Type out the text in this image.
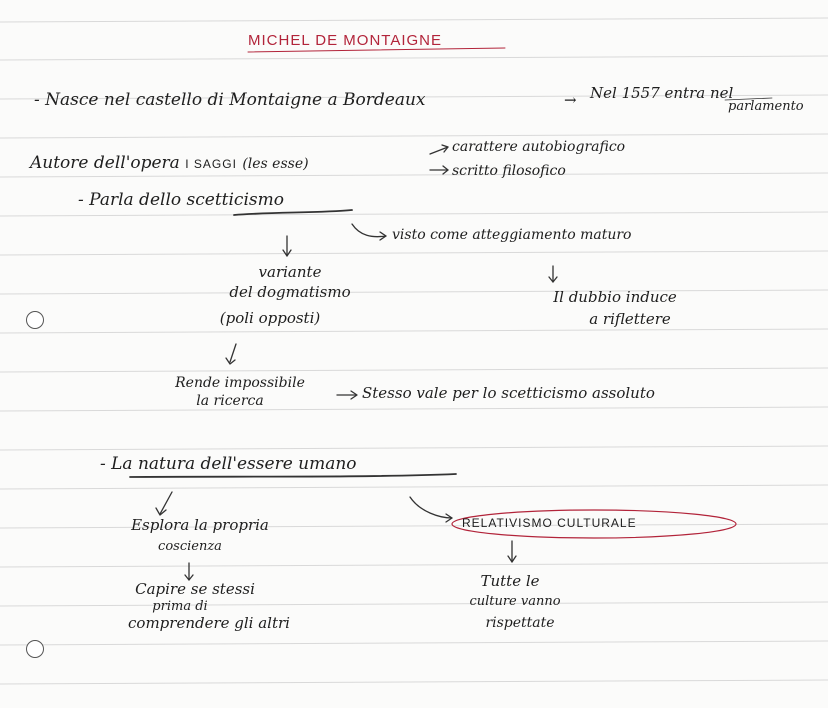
MICHEL DE MONTAIGNE
- Nasce nel castello di Montaigne a Bordeaux	→ Nel 1557 entra nel
parlamento
Autore dell'opera I SAGGI (les esse)
carattere autobiografico
scritto filosofico
- Parla dello scetticismo
visto come atteggiamento maturo
variante
del dogmatismo
(poli opposti)
Il dubbio induce
a riflettere
Rende impossibile
la ricerca	Stesso vale per lo scetticismo assoluto
- La natura dell'essere umano
Esplora la propria
coscienza
Capire se stessi
prima di
comprendere gli altri
RELATIVISMO CULTURALE
Tutte le
culture vanno
rispettate
